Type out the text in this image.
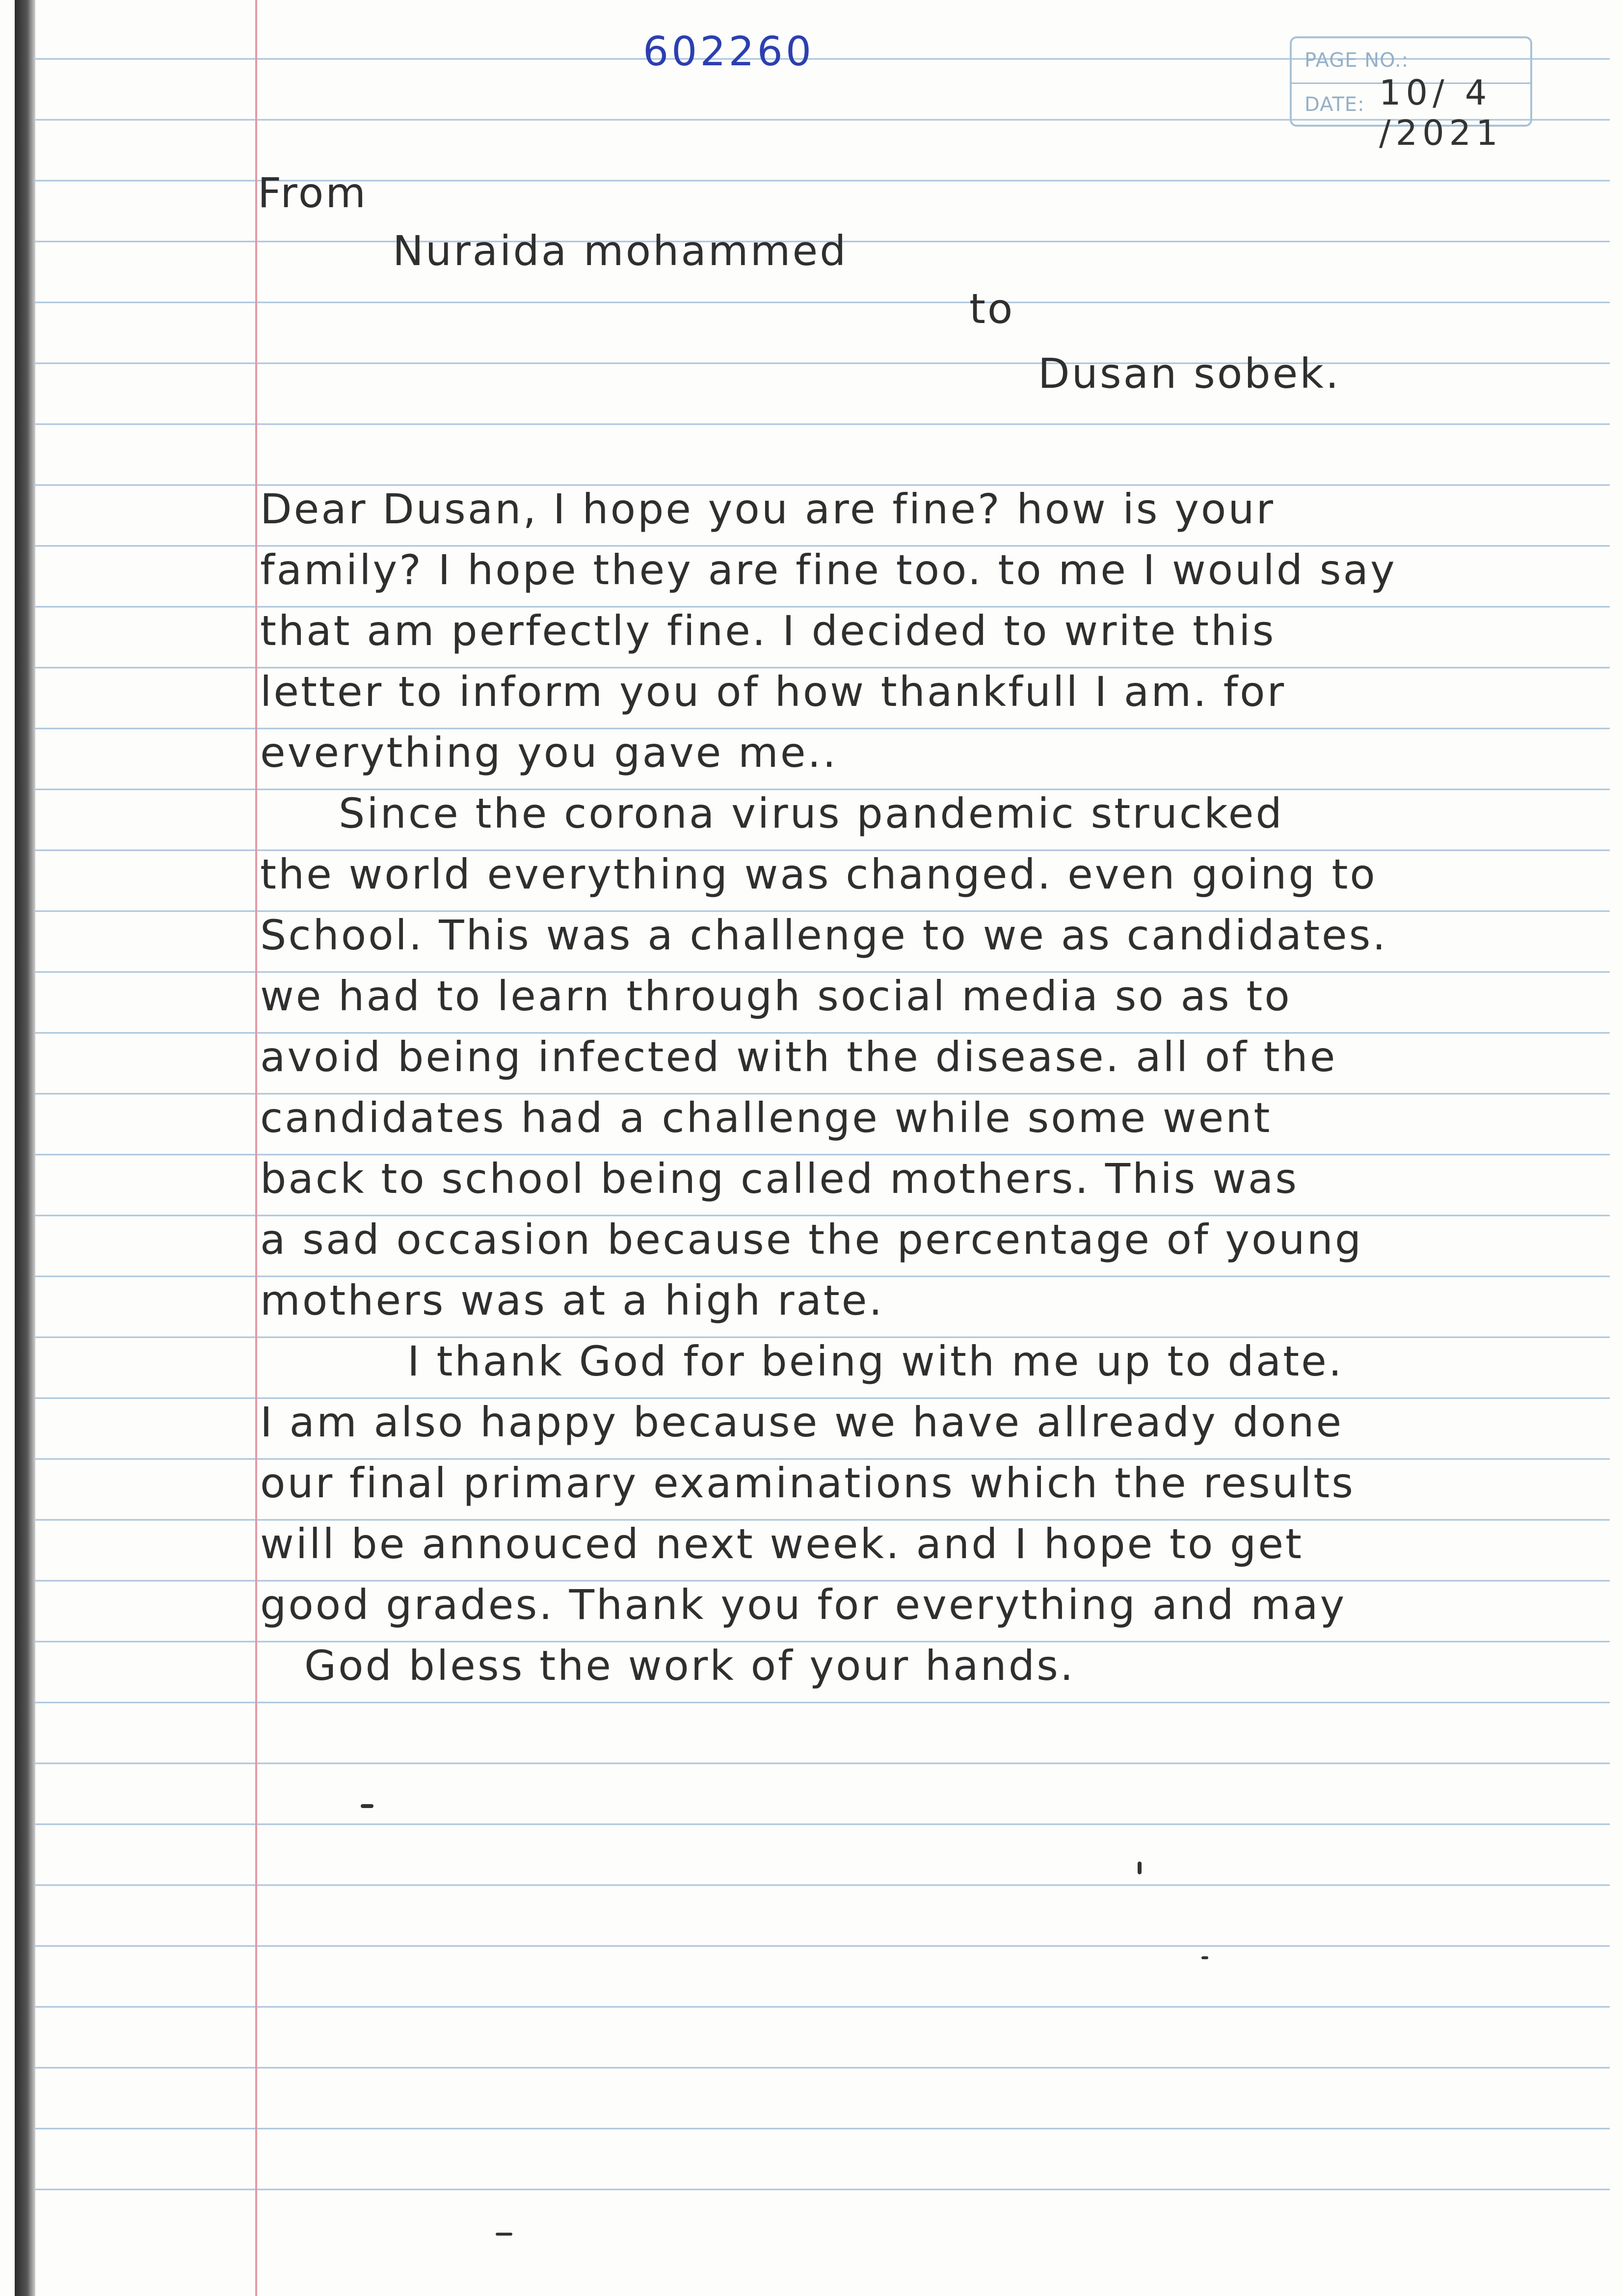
602260	PAGE NO.:
DATE: 10/ 4 /2021
From
Nuraida mohammed
to
Dusan sobek.
Dear Dusan, I hope you are fine? how is your
family? I hope they are fine too. to me I would say
that am perfectly fine. I decided to write this
letter to inform you of how thankfull I am. for
everything you gave me..
Since the corona virus pandemic strucked
the world everything was changed. even going to
School. This was a challenge to we as candidates.
we had to learn through social media so as to
avoid being infected with the disease. all of the
candidates had a challenge while some went
back to school being called mothers. This was
a sad occasion because the percentage of young
mothers was at a high rate.
I thank God for being with me up to date.
I am also happy because we have allready done
our final primary examinations which the results
will be annouced next week. and I hope to get
good grades. Thank you for everything and may
God bless the work of your hands.
